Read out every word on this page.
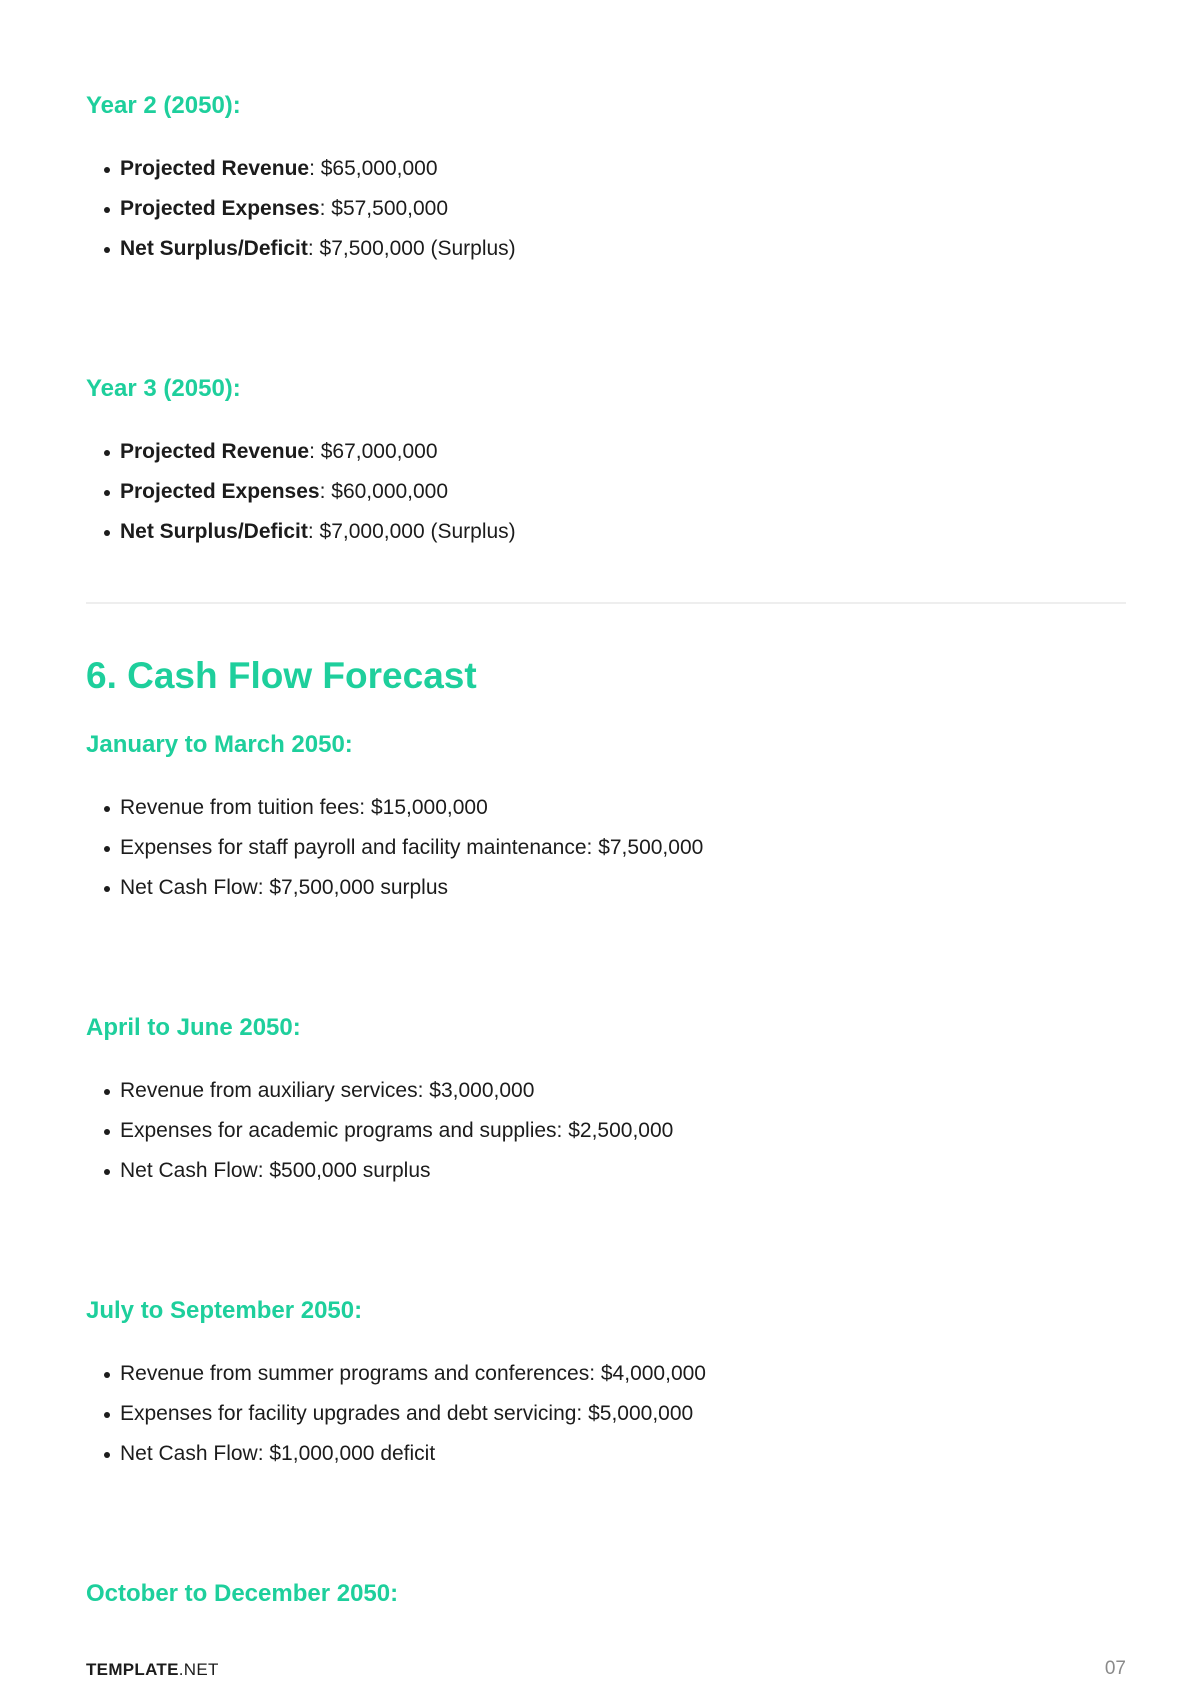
Year 2 (2050):
Projected Revenue: $65,000,000
Projected Expenses: $57,500,000
Net Surplus/Deficit: $7,500,000 (Surplus)
Year 3 (2050):
Projected Revenue: $67,000,000
Projected Expenses: $60,000,000
Net Surplus/Deficit: $7,000,000 (Surplus)
6. Cash Flow Forecast
January to March 2050:
Revenue from tuition fees: $15,000,000
Expenses for staff payroll and facility maintenance: $7,500,000
Net Cash Flow: $7,500,000 surplus
April to June 2050:
Revenue from auxiliary services: $3,000,000
Expenses for academic programs and supplies: $2,500,000
Net Cash Flow: $500,000 surplus
July to September 2050:
Revenue from summer programs and conferences: $4,000,000
Expenses for facility upgrades and debt servicing: $5,000,000
Net Cash Flow: $1,000,000 deficit
October to December 2050:
TEMPLATE.NET	07
